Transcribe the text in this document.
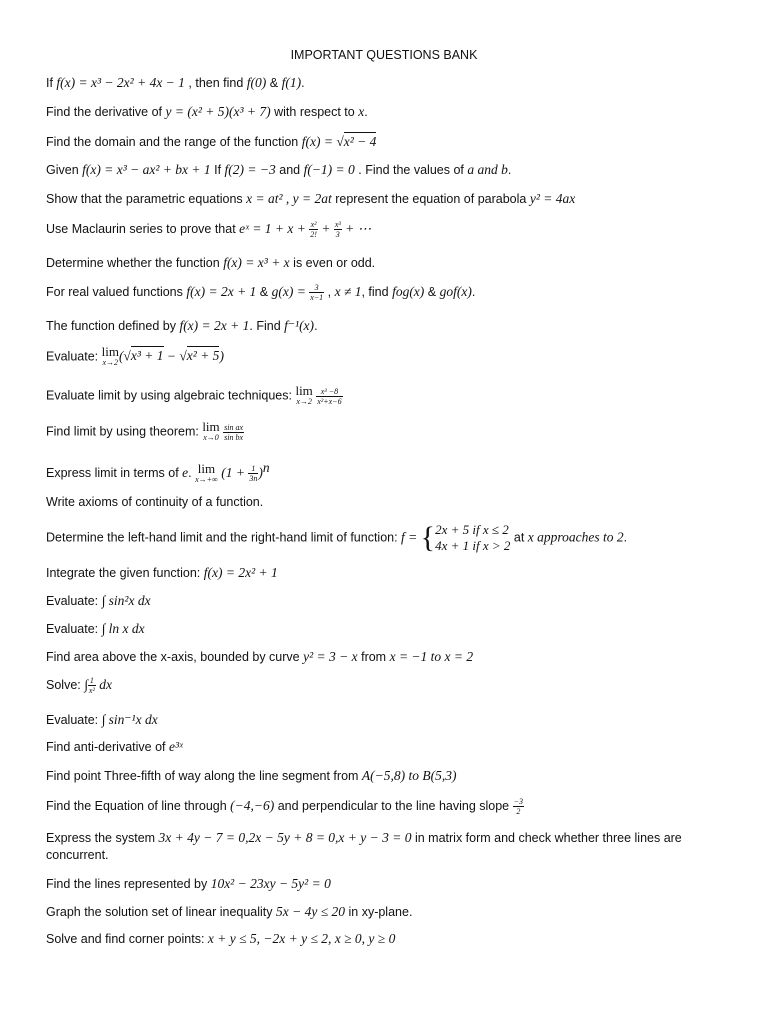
IMPORTANT QUESTIONS BANK
If f(x) = x³ − 2x² + 4x − 1 , then find f(0) & f(1).
Find the derivative of y = (x² + 5)(x³ + 7) with respect to x.
Find the domain and the range of the function f(x) = √x² − 4
Given f(x) = x³ − ax² + bx + 1 If f(2) = −3 and f(−1) = 0 . Find the values of a and b.
Show that the parametric equations x = at² , y = 2at represent the equation of parabola y² = 4ax
Use Maclaurin series to prove that eˣ = $1 + x + \frac{\text{x²}}{2!} + \frac{\text{x³}}{3}$ + ⋯
Determine whether the function f(x) = x³ + x is even or odd.
For real valued functions f(x) = 2x + 1 & $g(x) = \frac{3}{x-1}$ , x ≠ 1, find fog(x) & gof(x).
The function defined by f(x) = 2x + 1. Find f⁻¹(x).
Evaluate: lim
x→2 (√x³ + 1 − √x² + 5)
Evaluate limit by using algebraic techniques: lim
x→2
$\frac{\text{x³ −8}}{\text{x²+x−6}}$
Find limit by using theorem: lim
x→0
$\frac{\text{sin ax}}{\text{sin bx}}$
Express limit in terms of e. lim
x→+∞ $(1 + \frac{1}{3n} )^n$
Write axioms of continuity of a function.
Determine the left-hand limit and the right-hand limit of function: f = { 2x + 5 if x ≤ 2
4x + 1 if x > 2
at x approaches to 2.
Integrate the given function: f(x) = 2x² + 1
Evaluate: ∫ sin²x dx
Evaluate: ∫ ln x dx
Find area above the x-axis, bounded by curve y² = 3 − x from x = −1 to x = 2
Solve: ∫ $\frac{1}{\text{x²}}$ dx
Evaluate: ∫ sin⁻¹x dx
Find anti-derivative of e³ˣ
Find point Three-fifth of way along the line segment from A(−5,8) to B(5,3)
Find the Equation of line through (−4,−6) and perpendicular to the line having slope $\frac{-3}{2}$
Express the system 3x + 4y − 7 = 0,2x − 5y + 8 = 0,x + y − 3 = 0 in matrix form and check whether three lines are concurrent.
Find the lines represented by 10x² − 23xy − 5y² = 0
Graph the solution set of linear inequality 5x − 4y ≤ 20 in xy-plane.
Solve and find corner points: x + y ≤ 5, −2x + y ≤ 2, x ≥ 0, y ≥ 0
